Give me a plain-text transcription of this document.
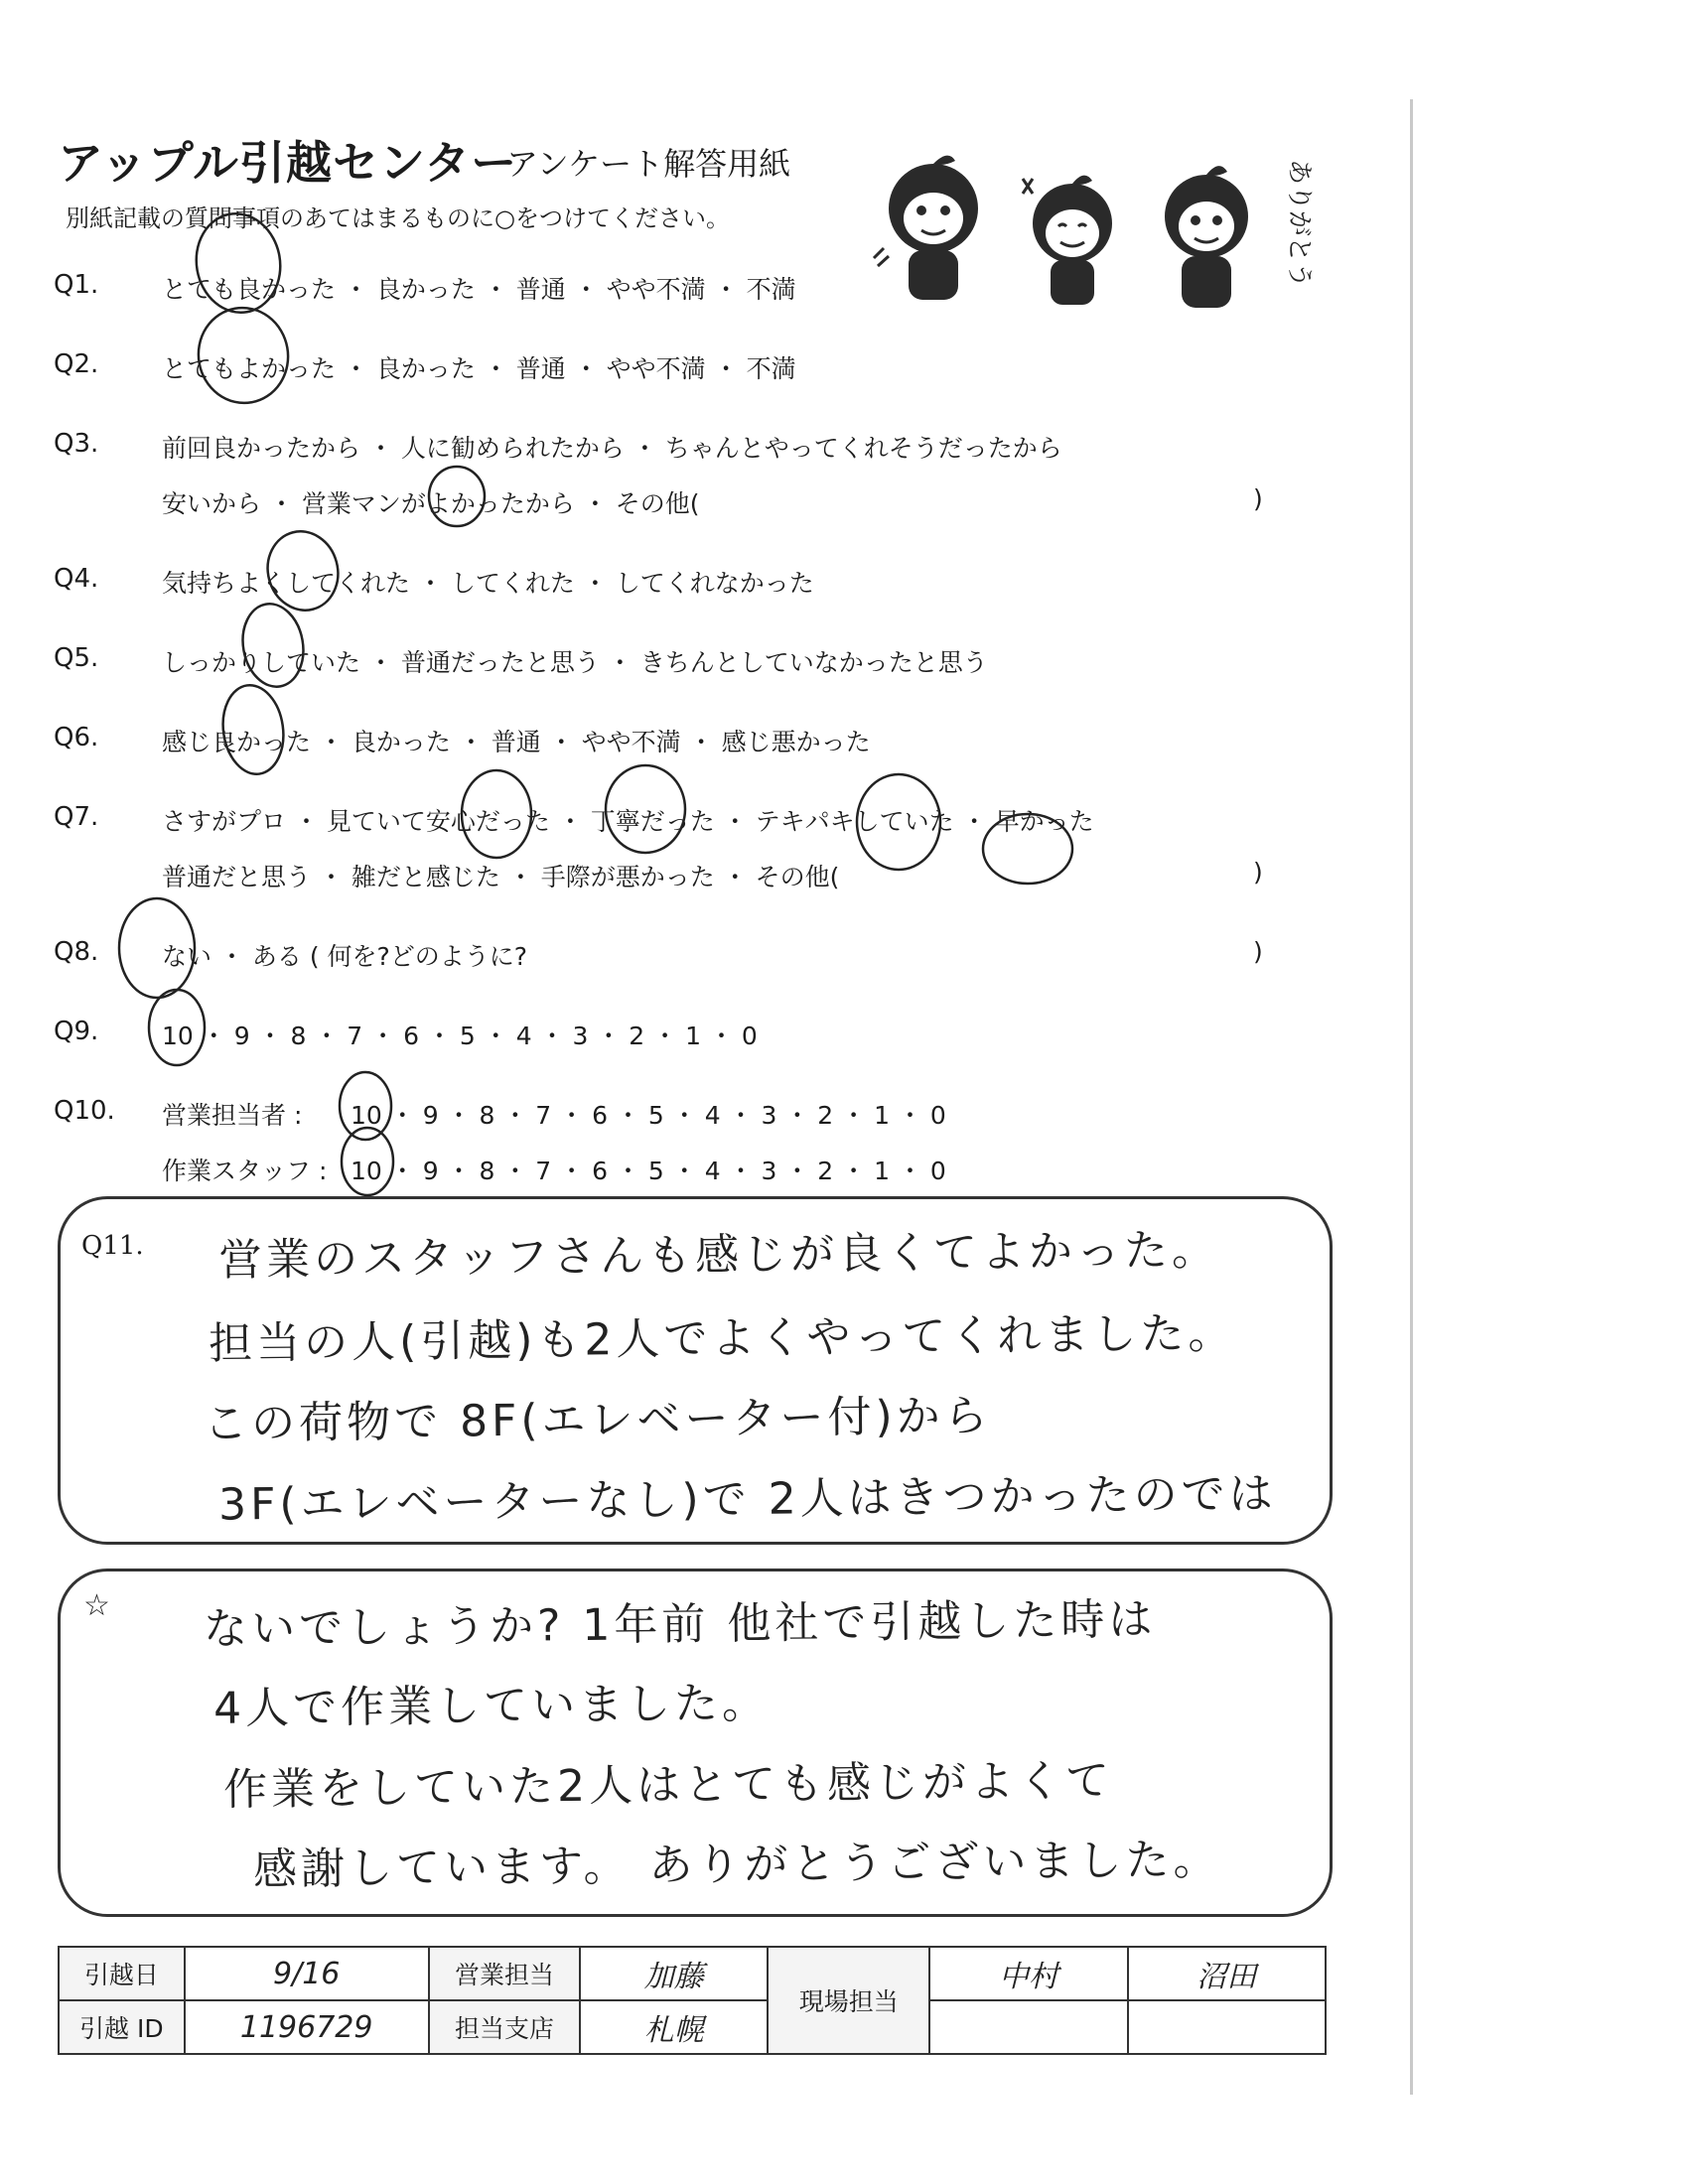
アップル引越センター
アンケート解答用紙
別紙記載の質問事項のあてはまるものに○をつけてください。	ありがとう
Q1.	とても良かった ・ 良かった ・ 普通 ・ やや不満 ・ 不満
Q2.	とてもよかった ・ 良かった ・ 普通 ・ やや不満 ・ 不満
Q3.	前回良かったから ・ 人に勧められたから ・ ちゃんとやってくれそうだったから
安いから ・ 営業マンがよかったから ・ その他(	)
Q4.	気持ちよくしてくれた ・ してくれた ・ してくれなかった
Q5.	しっかりしていた ・ 普通だったと思う ・ きちんとしていなかったと思う
Q6.	感じ良かった ・ 良かった ・ 普通 ・ やや不満 ・ 感じ悪かった
Q7.	さすがプロ ・ 見ていて安心だった ・ 丁寧だった ・ テキパキしていた ・ 早かった
普通だと思う ・ 雑だと感じた ・ 手際が悪かった ・ その他(	)
Q8.	ない ・ ある ( 何を?どのように?	)
Q9.	10 ・ 9 ・ 8 ・ 7 ・ 6 ・ 5 ・ 4 ・ 3 ・ 2 ・ 1 ・ 0
Q10. 営業担当者 : 10 ・ 9 ・ 8 ・ 7 ・ 6 ・ 5 ・ 4 ・ 3 ・ 2 ・ 1 ・ 0
作業スタッフ : 10 ・ 9 ・ 8 ・ 7 ・ 6 ・ 5 ・ 4 ・ 3 ・ 2 ・ 1 ・ 0
Q11. 営業のスタッフさんも感じが良くてよかった。
担当の人(引越)も2人でよくやってくれました。
この荷物で 8F(エレベーター付)から
3F(エレベーターなし)で 2人はきつかったのでは
☆ ないでしょうか? 1年前 他社で引越した時は
4人で作業していました。
作業をしていた2人はとても感じがよくて
感謝しています。 ありがとうございました。
引越日	9/16	営業担当	加藤	現場担当	中村	沼田
引越 ID	1196729	担当支店	札幌			
